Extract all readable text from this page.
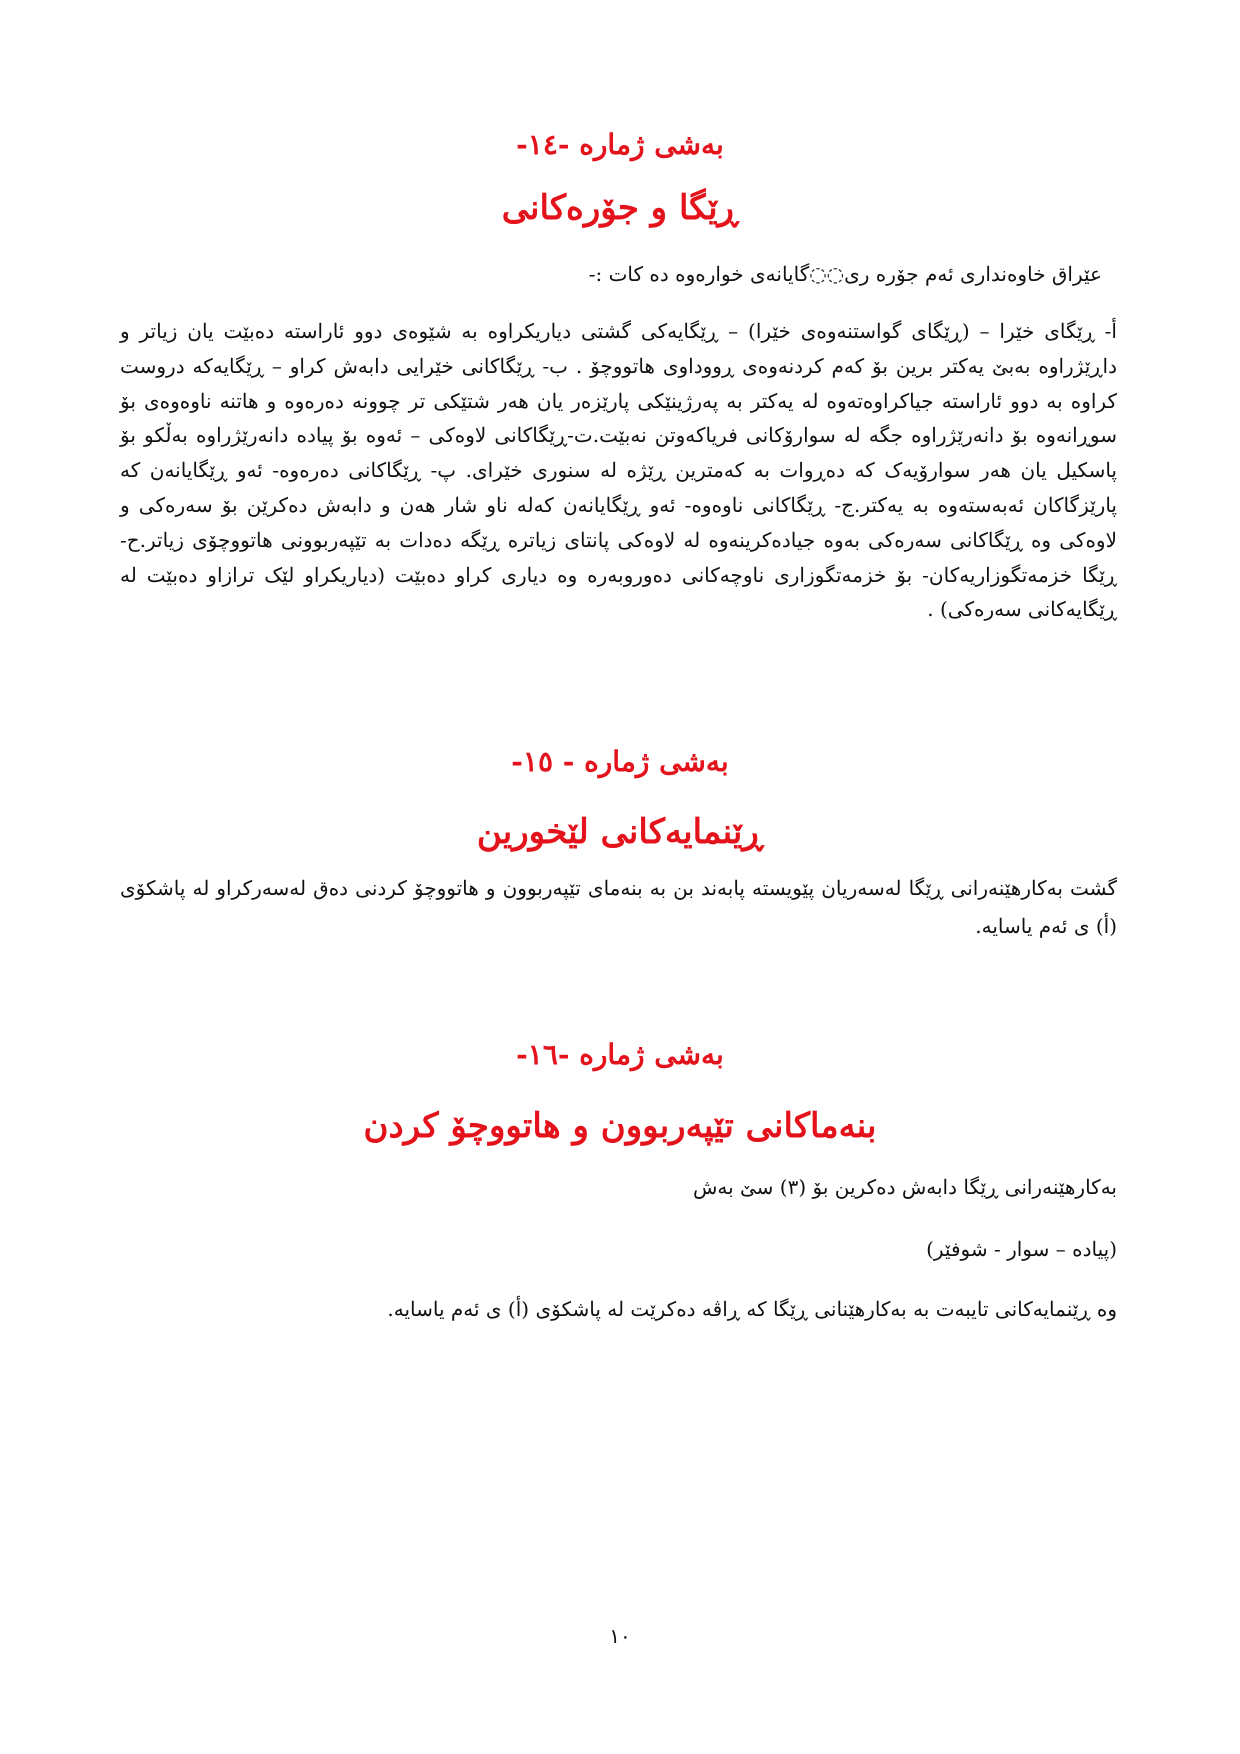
بەشی ژمارە -١٤-
ڕێگا و جۆرەکانی

عێراق خاوەنداری ئەم جۆرە ری◌◌گایانەی خوارەوە دە کات :-

أ- ڕێگای خێرا – (ڕێگای گواستنەوەی خێرا) – ڕێگایەکی گشتی دیاریکراوە بە شێوەی دوو ئاراستە دەبێت یان زیاتر و داڕێژراوە بەبێ یەکتر برین بۆ کەم کردنەوەی ڕووداوی هاتووچۆ . ب- ڕێگاکانی خێرایی دابەش کراو – ڕێگایەکە دروست کراوە بە دوو ئاراستە جیاکراوەتەوە لە یەکتر بە پەرژینێکی پارێزەر یان هەر شتێکی تر چوونە دەرەوە و هاتنە ناوەوەی بۆ سوڕانەوە بۆ دانەرێژراوە جگە لە سوارۆکانی فریاکەوتن نەبێت.ت-ڕێگاکانی لاوەکی – ئەوە بۆ پیادە دانەرێژراوە بەڵکو بۆ پاسکیل یان هەر سوارۆیەک کە دەڕوات بە کەمترین ڕێژە لە سنوری خێرای. پ- ڕێگاکانی دەرەوە- ئەو ڕێگایانەن کە پارێزگاکان ئەبەستەوە بە یەکتر.ج- ڕێگاکانی ناوەوە- ئەو ڕێگایانەن کەلە ناو شار هەن و دابەش دەکرێن بۆ سەرەکی و لاوەکی وە ڕێگاکانی سەرەکی بەوە جیادەکرینەوە لە لاوەکی پانتای زیاترە ڕێگە دەدات بە تێپەربوونی هاتووچۆی زیاتر.ح- ڕێگا خزمەتگوزاریەکان- بۆ خزمەتگوزاری ناوچەکانی دەوروبەرە وە دیاری کراو دەبێت (دیاریکراو لێک ترازاو دەبێت لە ڕێگایەکانی سەرەکی) .

بەشی ژمارە - ١٥-
ڕێنمایەکانی لێخورین

گشت بەکارهێنەرانی ڕێگا لەسەریان پێویستە پابەند بن بە بنەمای تێپەربوون و هاتووچۆ کردنی دەق لەسەرکراو لە پاشکۆی (أ) ی ئەم یاسایە.

بەشی ژمارە -١٦-
بنەماکانی تێپەربوون و هاتووچۆ کردن

بەکارهێنەرانی ڕێگا دابەش دەکرین بۆ (٣) سێ بەش

(پیادە – سوار - شوفێر)

وە ڕێنمایەکانی تایبەت بە بەکارهێنانی ڕێگا کە ڕاڤە دەکرێت لە پاشکۆی (أ) ی ئەم یاسایە.

١٠
